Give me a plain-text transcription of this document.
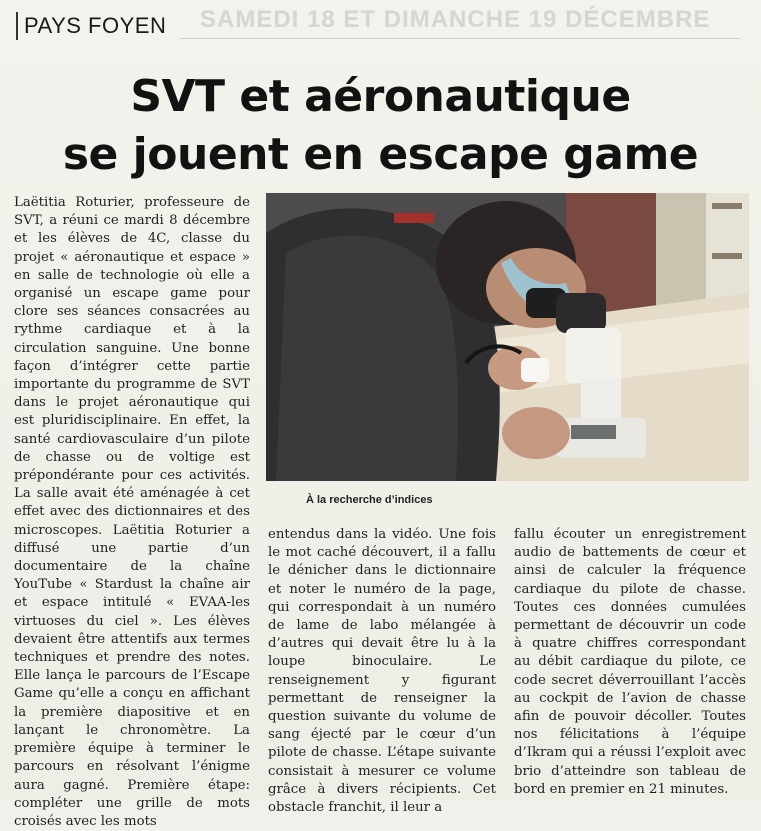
SAMEDI 18 ET DIMANCHE 19 DÉCEMBRE
PAYS FOYEN
SVT et aéronautique
se jouent en escape game

Laëtitia Roturier, professeure de SVT, a réuni ce mardi 8 décembre et les élèves de 4C, classe du projet « aéronautique et espace » en salle de technologie où elle a organisé un escape game pour clore ses séances consacrées au rythme cardiaque et à la circulation sanguine. Une bonne façon d’intégrer cette partie importante du programme de SVT dans le projet aéronautique qui est pluridisciplinaire. En effet, la santé cardiovasculaire d’un pilote de chasse ou de voltige est prépondérante pour ces activités. La salle avait été aménagée à cet effet avec des dictionnaires et des microscopes. Laëtitia Roturier a diffusé une partie d’un documentaire de la chaîne YouTube « Stardust la chaîne air et espace intitulé « EVAA-les virtuoses du ciel ». Les élèves devaient être attentifs aux termes techniques et prendre des notes. Elle lança le parcours de l’Escape Game qu’elle a conçu en affichant la première diapositive et en lançant le chronomètre. La première équipe à terminer le parcours en résolvant l’énigme aura gagné. Première étape: compléter une grille de mots croisés avec les mots

À la recherche d’indices

entendus dans la vidéo. Une fois le mot caché découvert, il a fallu le dénicher dans le dictionnaire et noter le numéro de la page, qui correspondait à un numéro de lame de labo mélangée à d’autres qui devait être lu à la loupe binoculaire. Le renseignement y figurant permettant de renseigner la question suivante du volume de sang éjecté par le cœur d’un pilote de chasse. L’étape suivante consistait à mesurer ce volume grâce à divers récipients. Cet obstacle franchit, il leur a

fallu écouter un enregistrement audio de battements de cœur et ainsi de calculer la fréquence cardiaque du pilote de chasse. Toutes ces données cumulées permettant de découvrir un code à quatre chiffres correspondant au débit cardiaque du pilote, ce code secret déverrouillant l’accès au cockpit de l’avion de chasse afin de pouvoir décoller. Toutes nos félicitations à l’équipe d’Ikram qui a réussi l’exploit avec brio d’atteindre son tableau de bord en premier en 21 minutes.
